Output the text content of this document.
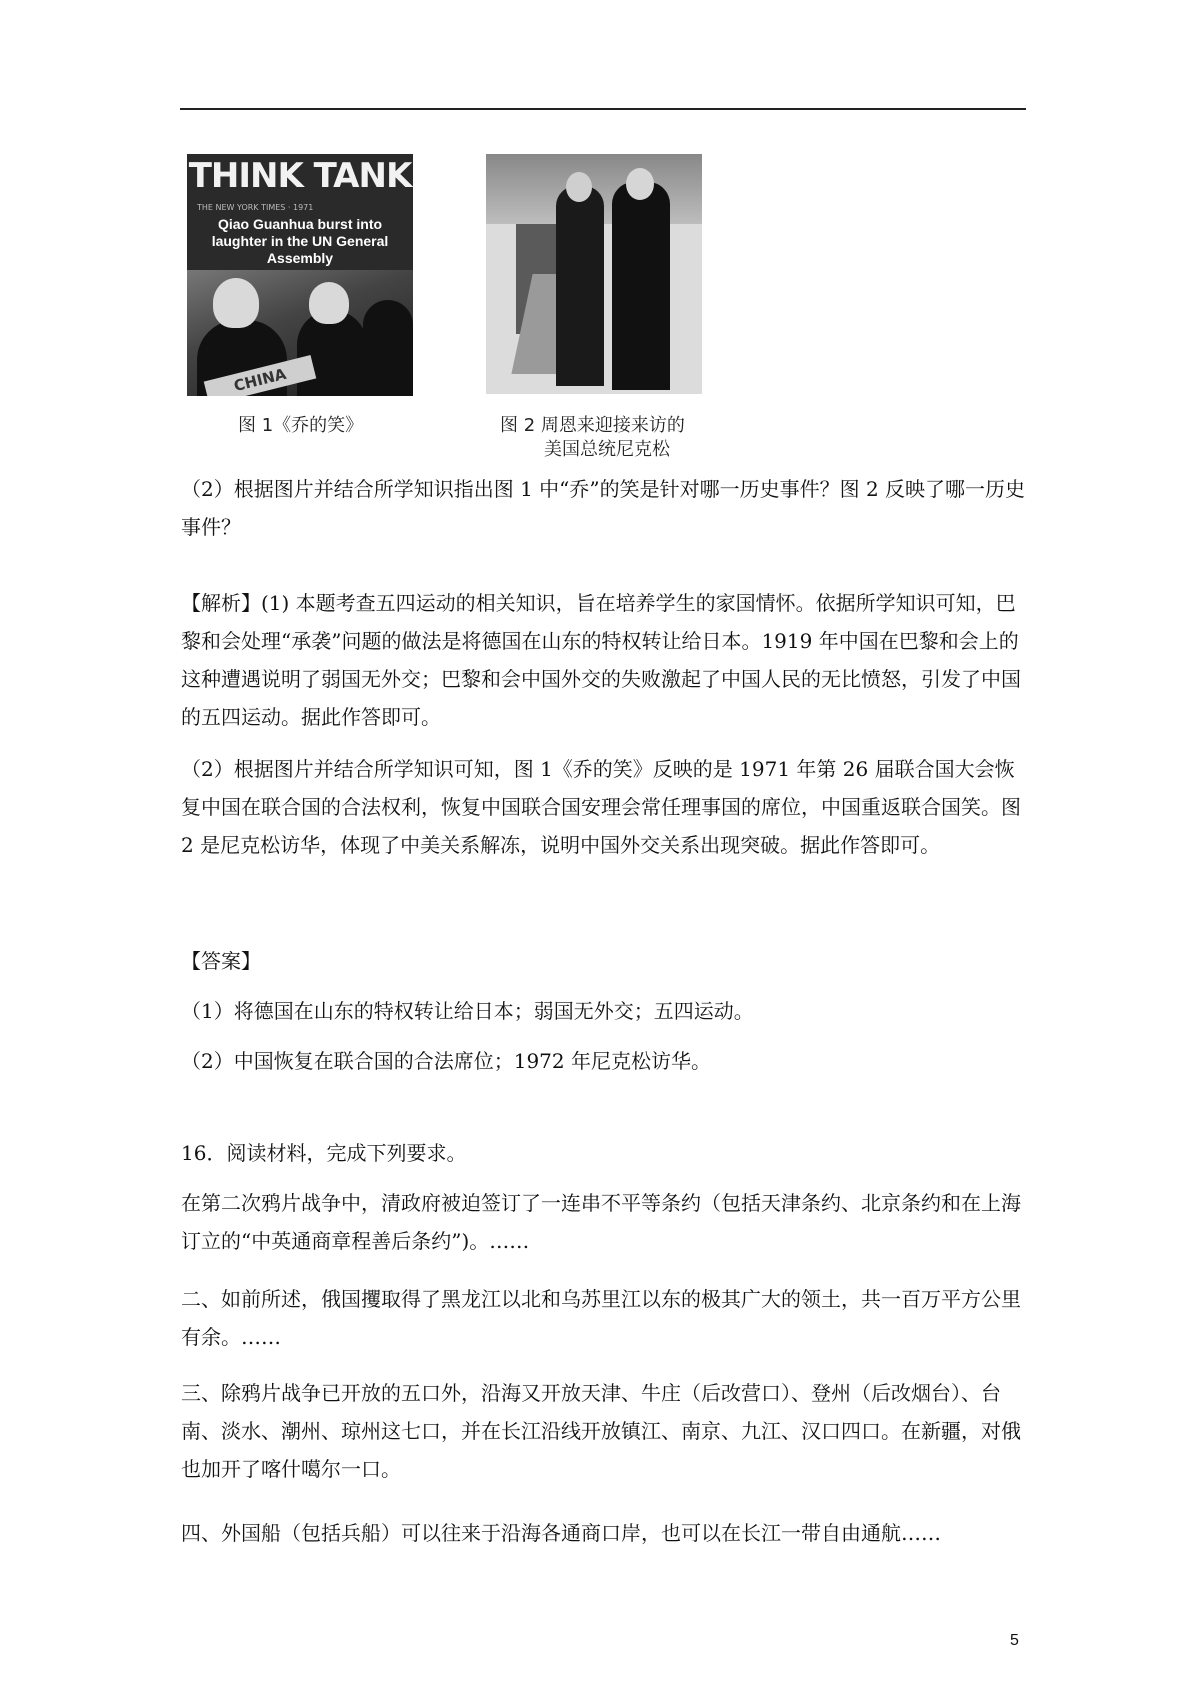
THINK TANK
THE NEW YORK TIMES · 1971
Qiao Guanhua burst into laughter in the UN General Assembly
CHINA
图 1《乔的笑》	图 2 周恩来迎接来访的
美国总统尼克松
（2）根据图片并结合所学知识指出图 1 中“乔”的笑是针对哪一历史事件？图 2 反映了哪一历史事件？
【解析】(1) 本题考查五四运动的相关知识，旨在培养学生的家国情怀。依据所学知识可知，巴黎和会处理“承袭”问题的做法是将德国在山东的特权转让给日本。1919 年中国在巴黎和会上的这种遭遇说明了弱国无外交；巴黎和会中国外交的失败激起了中国人民的无比愤怒，引发了中国的五四运动。据此作答即可。
（2）根据图片并结合所学知识可知，图 1《乔的笑》反映的是 1971 年第 26 届联合国大会恢复中国在联合国的合法权利，恢复中国联合国安理会常任理事国的席位，中国重返联合国笑。图 2 是尼克松访华，体现了中美关系解冻，说明中国外交关系出现突破。据此作答即可。
【答案】
（1）将德国在山东的特权转让给日本；弱国无外交；五四运动。
（2）中国恢复在联合国的合法席位；1972 年尼克松访华。
16．阅读材料，完成下列要求。
在第二次鸦片战争中，清政府被迫签订了一连串不平等条约（包括天津条约、北京条约和在上海订立的“中英通商章程善后条约”)。……
二、如前所述，俄国攫取得了黑龙江以北和乌苏里江以东的极其广大的领土，共一百万平方公里有余。……
三、除鸦片战争已开放的五口外，沿海又开放天津、牛庄（后改营口）、登州（后改烟台）、台南、淡水、潮州、琼州这七口，并在长江沿线开放镇江、南京、九江、汉口四口。在新疆，对俄也加开了喀什噶尔一口。
四、外国船（包括兵船）可以往来于沿海各通商口岸，也可以在长江一带自由通航……
5
